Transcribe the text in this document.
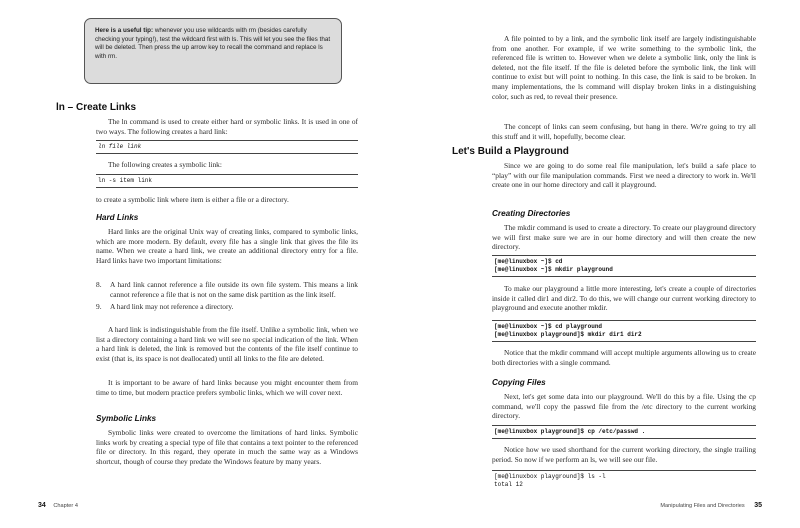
Here is a useful tip: whenever you use wildcards with rm (besides carefully checking your typing!), test the wildcard first with ls. This will let you see the files that will be deleted. Then press the up arrow key to recall the command and replace ls with rm.
ln – Create Links

The ln command is used to create either hard or symbolic links. It is used in one of two ways. The following creates a hard link:

ln file link

The following creates a symbolic link:

ln -s item link

to create a symbolic link where item is either a file or a directory.

Hard Links

Hard links are the original Unix way of creating links, compared to symbolic links, which are more modern. By default, every file has a single link that gives the file its name. When we create a hard link, we create an additional directory entry for a file. Hard links have two important limitations:

8. A hard link cannot reference a file outside its own file system. This means a link cannot reference a file that is not on the same disk partition as the link itself.
9. A hard link may not reference a directory.

A hard link is indistinguishable from the file itself. Unlike a symbolic link, when we list a directory containing a hard link we will see no special indication of the link. When a hard link is deleted, the link is removed but the contents of the file itself continue to exist (that is, its space is not deallocated) until all links to the file are deleted.

It is important to be aware of hard links because you might encounter them from time to time, but modern practice prefers symbolic links, which we will cover next.

Symbolic Links

Symbolic links were created to overcome the limitations of hard links. Symbolic links work by creating a special type of file that contains a text pointer to the referenced file or directory. In this regard, they operate in much the same way as a Windows shortcut, though of course they predate the Windows feature by many years.

34 Chapter 4

A file pointed to by a link, and the symbolic link itself are largely indistinguishable from one another. For example, if we write something to the symbolic link, the referenced file is written to. However when we delete a symbolic link, only the link is deleted, not the file itself. If the file is deleted before the symbolic link, the link will continue to exist but will point to nothing. In this case, the link is said to be broken. In many implementations, the ls command will display broken links in a distinguishing color, such as red, to reveal their presence.

The concept of links can seem confusing, but hang in there. We're going to try all this stuff and it will, hopefully, become clear.

Let's Build a Playground

Since we are going to do some real file manipulation, let's build a safe place to “play” with our file manipulation commands. First we need a directory to work in. We'll create one in our home directory and call it playground.

Creating Directories

The mkdir command is used to create a directory. To create our playground directory we will first make sure we are in our home directory and will then create the new directory.

[me@linuxbox ~]$ cd
[me@linuxbox ~]$ mkdir playground

To make our playground a little more interesting, let's create a couple of directories inside it called dir1 and dir2. To do this, we will change our current working directory to playground and execute another mkdir.

[me@linuxbox ~]$ cd playground
[me@linuxbox playground]$ mkdir dir1 dir2

Notice that the mkdir command will accept multiple arguments allowing us to create both directories with a single command.

Copying Files

Next, let's get some data into our playground. We'll do this by a file. Using the cp command, we'll copy the passwd file from the /etc directory to the current working directory.

[me@linuxbox playground]$ cp /etc/passwd .

Notice how we used shorthand for the current working directory, the single trailing period. So now if we perform an ls, we will see our file.

[me@linuxbox playground]$ ls -l
total 12
Manipulating Files and Directories 35
